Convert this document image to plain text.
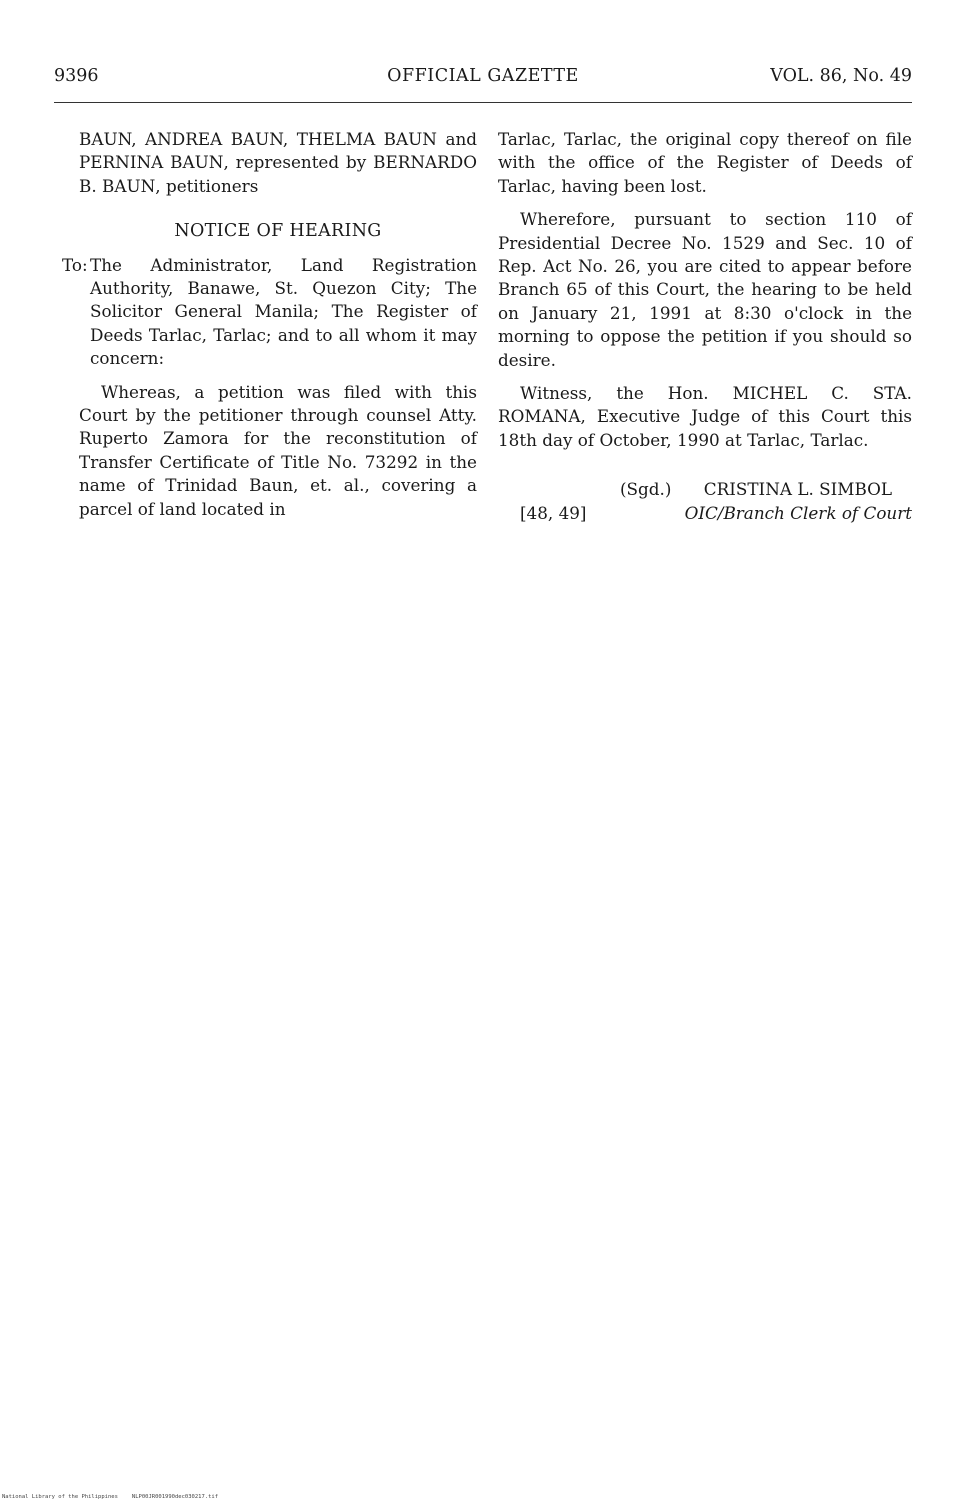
9396	OFFICIAL GAZETTE	VOL. 86, No. 49

BAUN, ANDREA BAUN, THELMA BAUN and PERNINA BAUN, represented by BERNARDO B. BAUN, petitioners

NOTICE OF HEARING

To: The Administrator, Land Registration Authority, Banawe, St. Quezon City; The Solicitor General Manila; The Register of Deeds Tarlac, Tarlac; and to all whom it may concern:

Whereas, a petition was filed with this Court by the petitioner through counsel Atty. Ruperto Zamora for the reconstitution of Transfer Certificate of Title No. 73292 in the name of Trinidad Baun, et. al., covering a parcel of land located in

Tarlac, Tarlac, the original copy thereof on file with the office of the Register of Deeds of Tarlac, having been lost.

Wherefore, pursuant to section 110 of Presidential Decree No. 1529 and Sec. 10 of Rep. Act No. 26, you are cited to appear before Branch 65 of this Court, the hearing to be held on January 21, 1991 at 8:30 o'clock in the morning to oppose the petition if you should so desire.

Witness, the Hon. MICHEL C. STA. ROMANA, Executive Judge of this Court this 18th day of October, 1990 at Tarlac, Tarlac.

(Sgd.) CRISTINA L. SIMBOL
[48, 49]	OIC/Branch Clerk of Court
National Library of the Philippines	NLP00JR001990dec030217.tif
